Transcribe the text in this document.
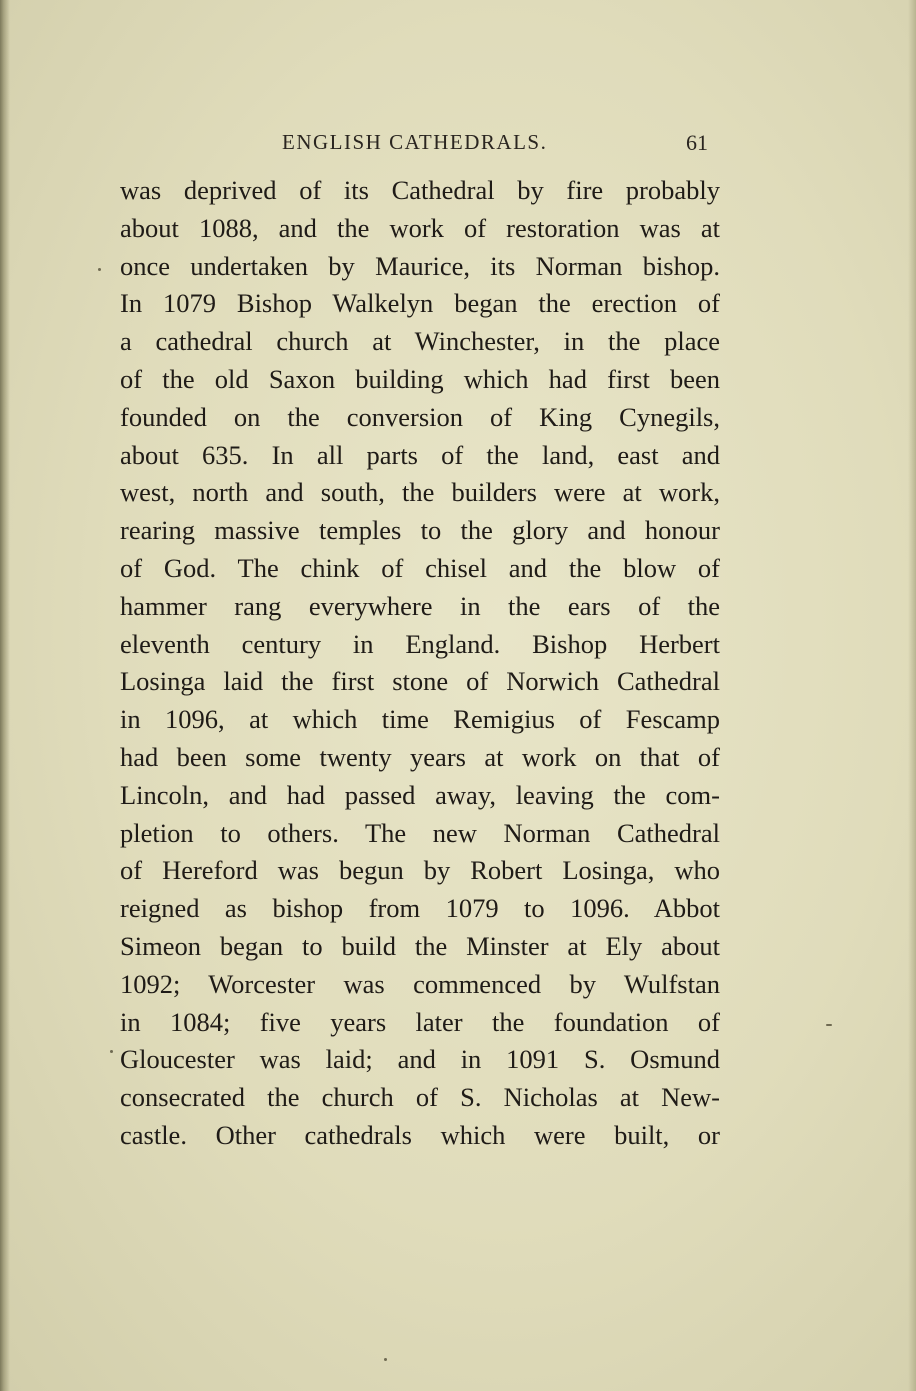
ENGLISH CATHEDRALS.	61
was deprived of its Cathedral by fire probably
about 1088, and the work of restoration was at
once undertaken by Maurice, its Norman bishop.
In 1079 Bishop Walkelyn began the erection of
a cathedral church at Winchester, in the place
of the old Saxon building which had first been
founded on the conversion of King Cynegils,
about 635. In all parts of the land, east and
west, north and south, the builders were at work,
rearing massive temples to the glory and honour
of God. The chink of chisel and the blow of
hammer rang everywhere in the ears of the
eleventh century in England. Bishop Herbert
Losinga laid the first stone of Norwich Cathedral
in 1096, at which time Remigius of Fescamp
had been some twenty years at work on that of
Lincoln, and had passed away, leaving the com-
pletion to others. The new Norman Cathedral
of Hereford was begun by Robert Losinga, who
reigned as bishop from 1079 to 1096. Abbot
Simeon began to build the Minster at Ely about
1092; Worcester was commenced by Wulfstan
in 1084; five years later the foundation of
Gloucester was laid; and in 1091 S. Osmund
consecrated the church of S. Nicholas at New-
castle. Other cathedrals which were built, or
